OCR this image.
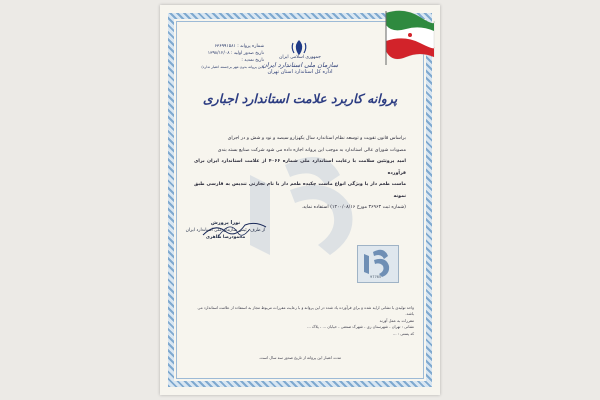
شماره پروانه : ۶۳۶۹۹۱۵۸۱
تاریخ صدور اولیه : ۱۳۹۸/۱۲/۰۸
تاریخ تمدید :
(این پروانه بدون مهر برجسته اعتبار ندارد)
جمهوری اسلامی ایران
سازمان ملی استاندارد ایران
اداره کل استاندارد استان تهران
پروانه کاربرد علامت استاندارد اجباری
براساس قانون تقویت و توسعه نظام استاندارد سال یکهزارو سیصد و نود و شش و در اجرای
مصوبات شورای عالی استاندارد به موجب این پروانه اجازه داده می شود شرکت صنایع بسته بندی
امید پروتئین سلامت با رعایت استاندارد ملی شماره ۴۰۶۶ از علامت استاندارد ایران برای فرآورده
ماست طعم دار یا ویژگی انواع ماست چکیده طعم دار با نام تجارتی تندیس به فارسی طبق نمونه
(شماره ثبت ۳۶۹۶۳ مورخ ۱۴۰۰/۰۸/۱۶) استفاده نماید.
نورا پرورش
از طرف رئیس سازمان ملی استاندارد ایران
محمودرضا طاهری
97765
واحد تولیدی با نشانی ارایه شده و برای فرآورده یاد شده در این پروانه و با رعایت مقررات مربوط مجاز به استفاده از علامت استاندارد می باشد.
مقررات به عمل آورند
نشانی : تهران - شهرستان ری - شهرک صنعتی - خیابان ... - پلاک ...
کد پستی : ...
مدت اعتبار این پروانه از تاریخ صدور سه سال است.
